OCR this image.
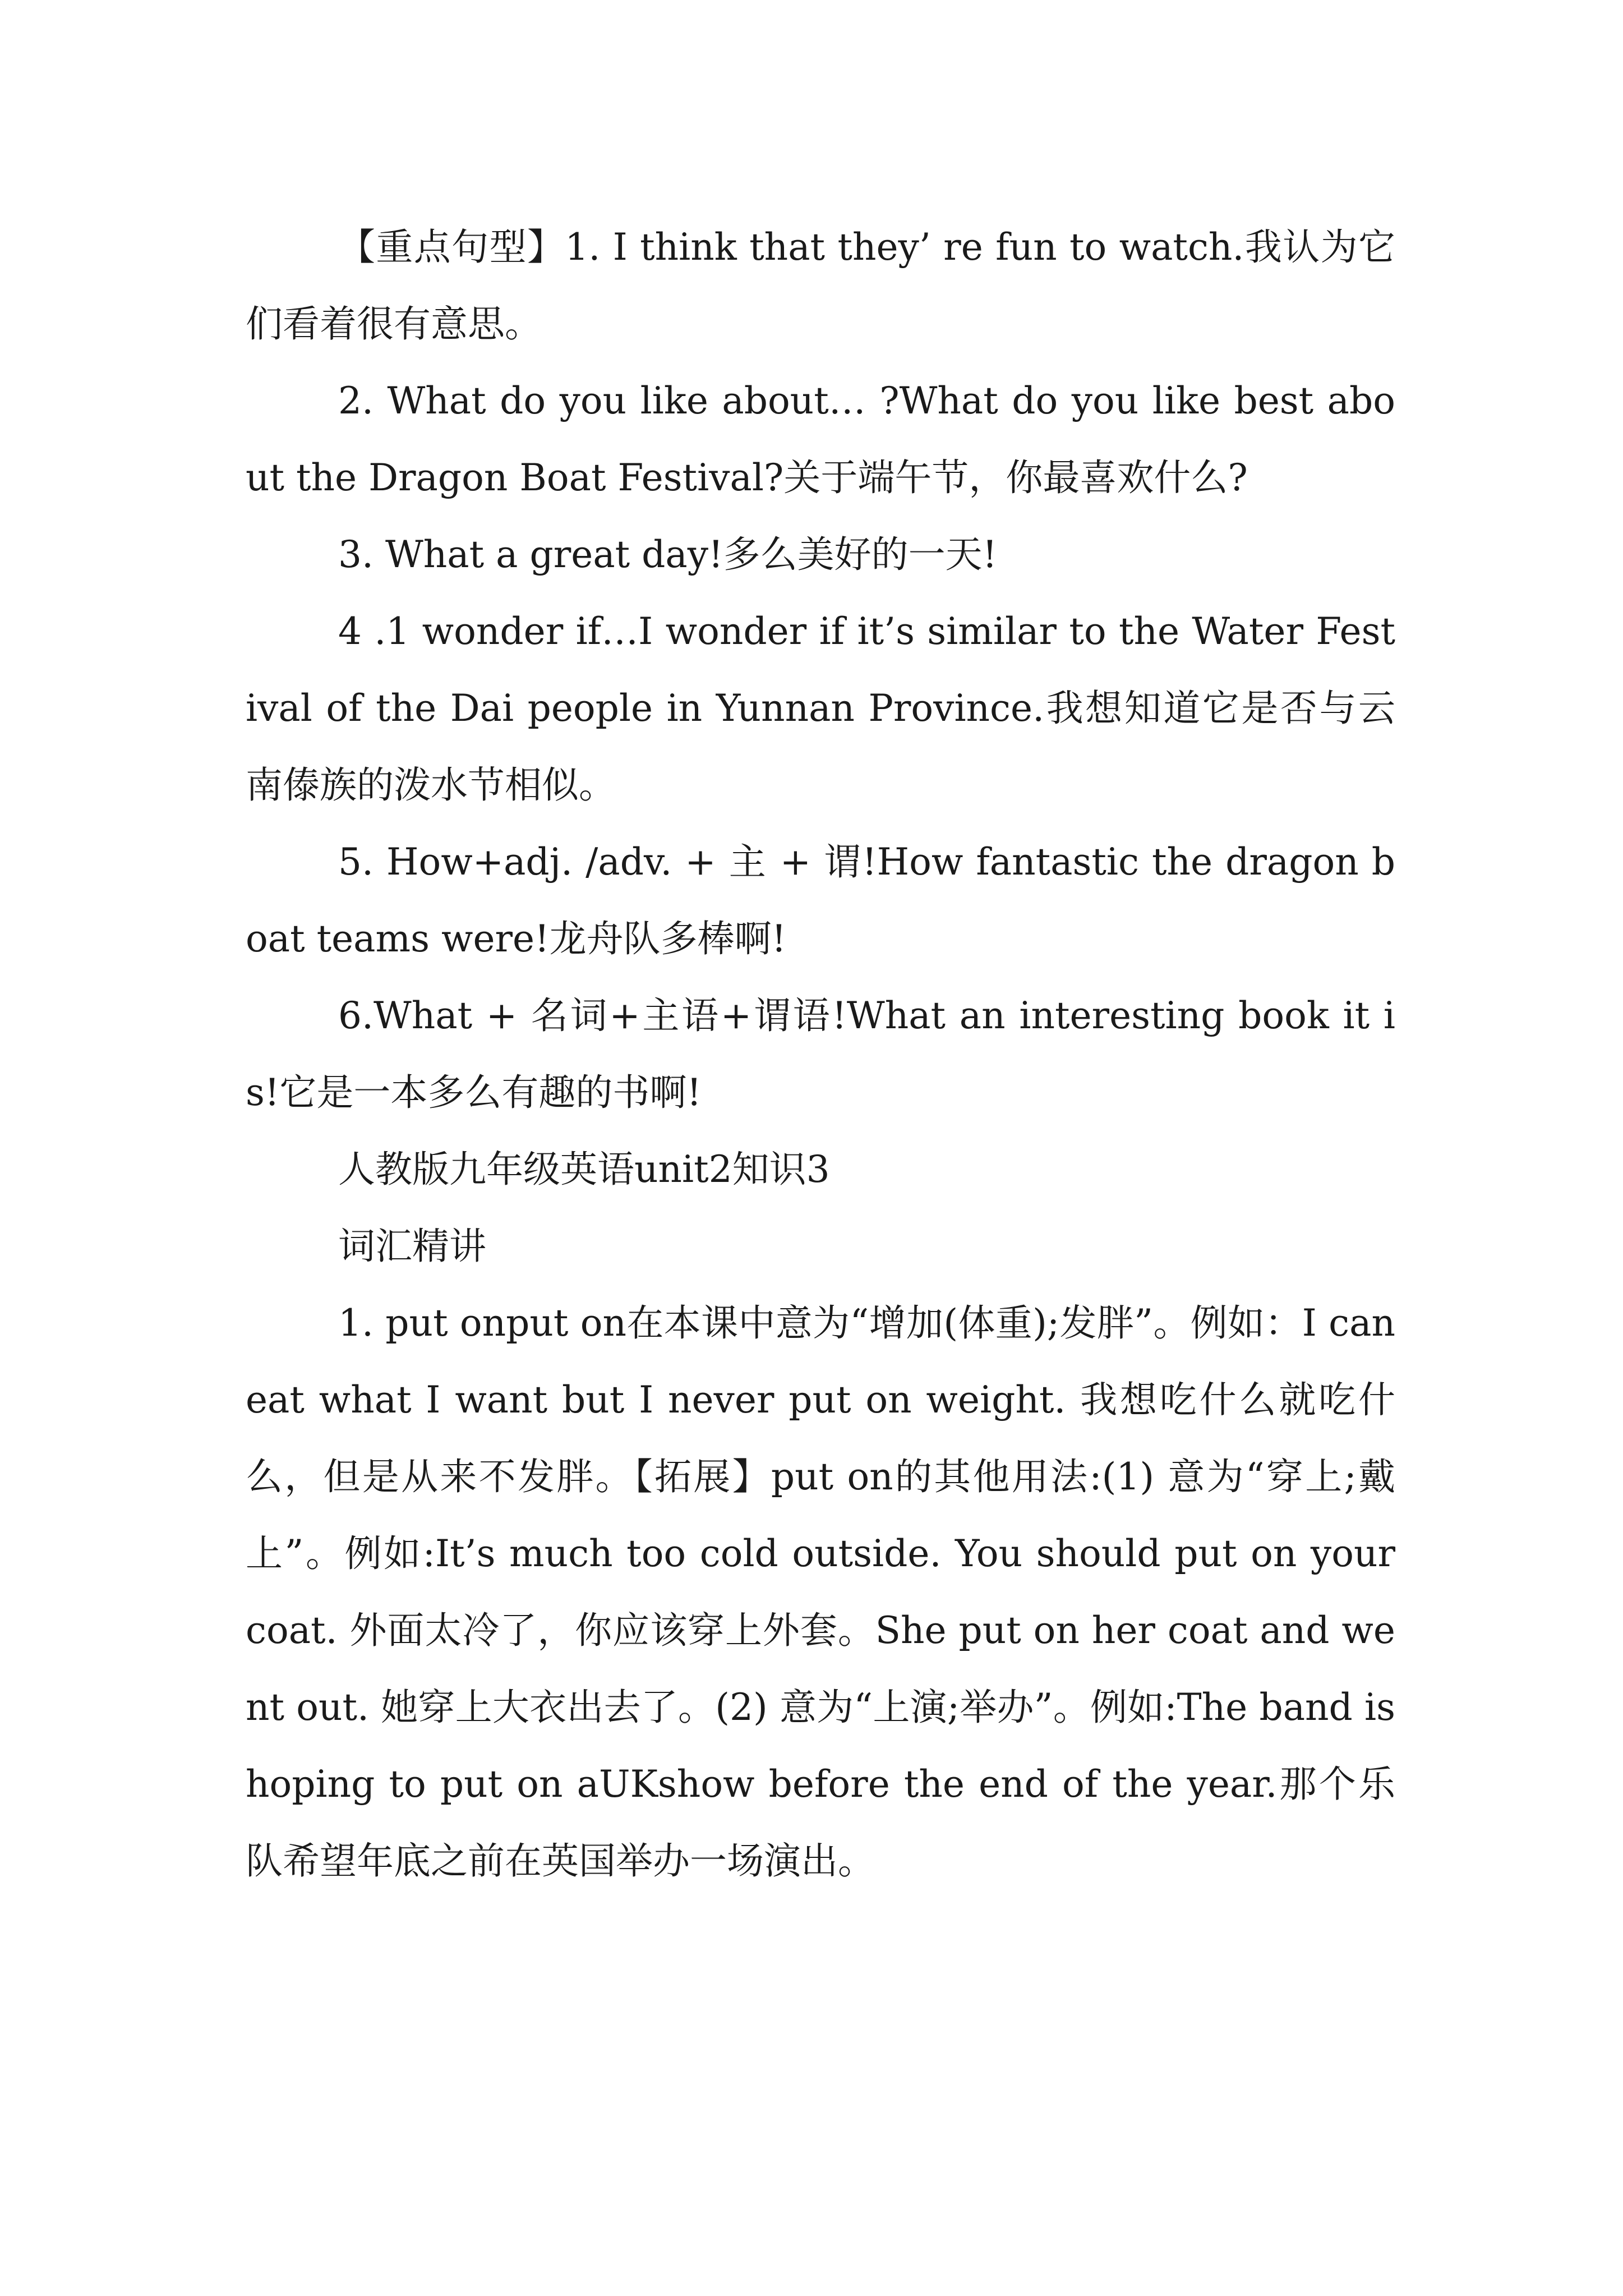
【重点句型】1. I think that they’ re fun to watch.我认为它们看着很有意思。

2. What do you like about… ?What do you like best about the Dragon Boat Festival?关于端午节，你最喜欢什么?

3. What a great day!多么美好的一天!

4 .1 wonder if…I wonder if it’s similar to the Water Festival of the Dai people in Yunnan Province.我想知道它是否与云南傣族的泼水节相似。

5. How+adj. /adv. + 主 + 谓!How fantastic the dragon boat teams were!龙舟队多棒啊!

6.What + 名词+主语+谓语!What an interesting book it is!它是一本多么有趣的书啊!

人教版九年级英语unit2知识3

词汇精讲

1. put onput on在本课中意为“增加(体重);发胖”。例如：I can eat what I want but I never put on weight. 我想吃什么就吃什么，但是从来不发胖。【拓展】put on的其他用法:(1) 意为“穿上;戴上”。例如:It’s much too cold outside. You should put on your coat. 外面太冷了，你应该穿上外套。She put on her coat and went out. 她穿上大衣出去了。(2) 意为“上演;举办”。例如:The band is hoping to put on aUKshow before the end of the year.那个乐队希望年底之前在英国举办一场演出。
